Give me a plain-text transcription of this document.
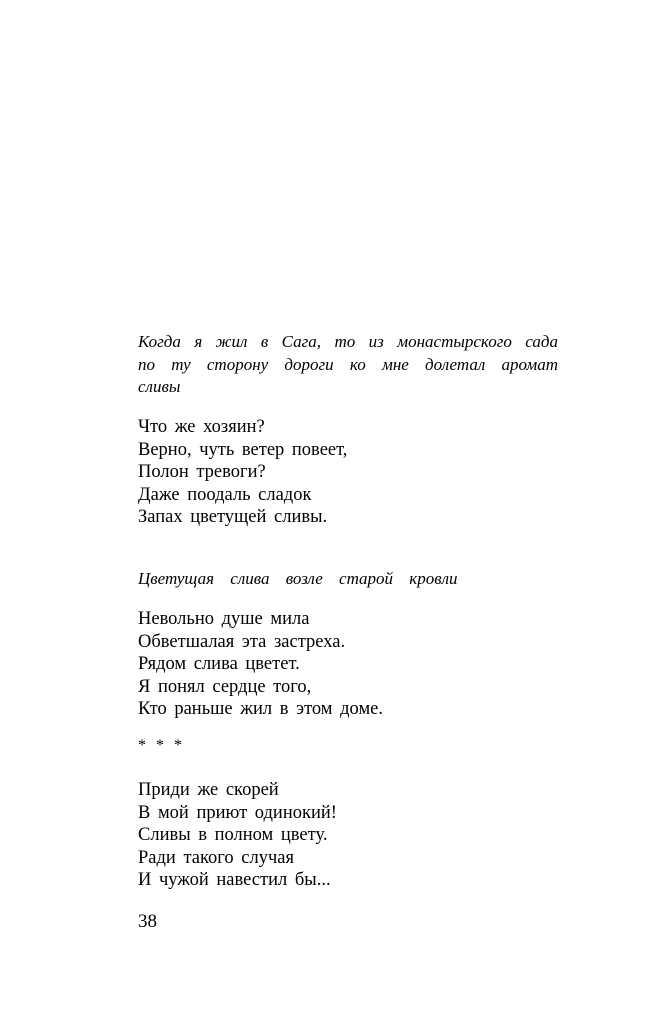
Когда я жил в Сага, то из монастырского сада
по ту сторону дороги ко мне долетал аромат
сливы
Что же хозяин?
Верно, чуть ветер повеет,
Полон тревоги?
Даже поодаль сладок
Запах цветущей сливы.
Цветущая слива возле старой кровли
Невольно душе мила
Обветшалая эта застреха.
Рядом слива цветет.
Я понял сердце того,
Кто раньше жил в этом доме.
* * *
Приди же скорей
В мой приют одинокий!
Сливы в полном цвету.
Ради такого случая
И чужой навестил бы...
38
